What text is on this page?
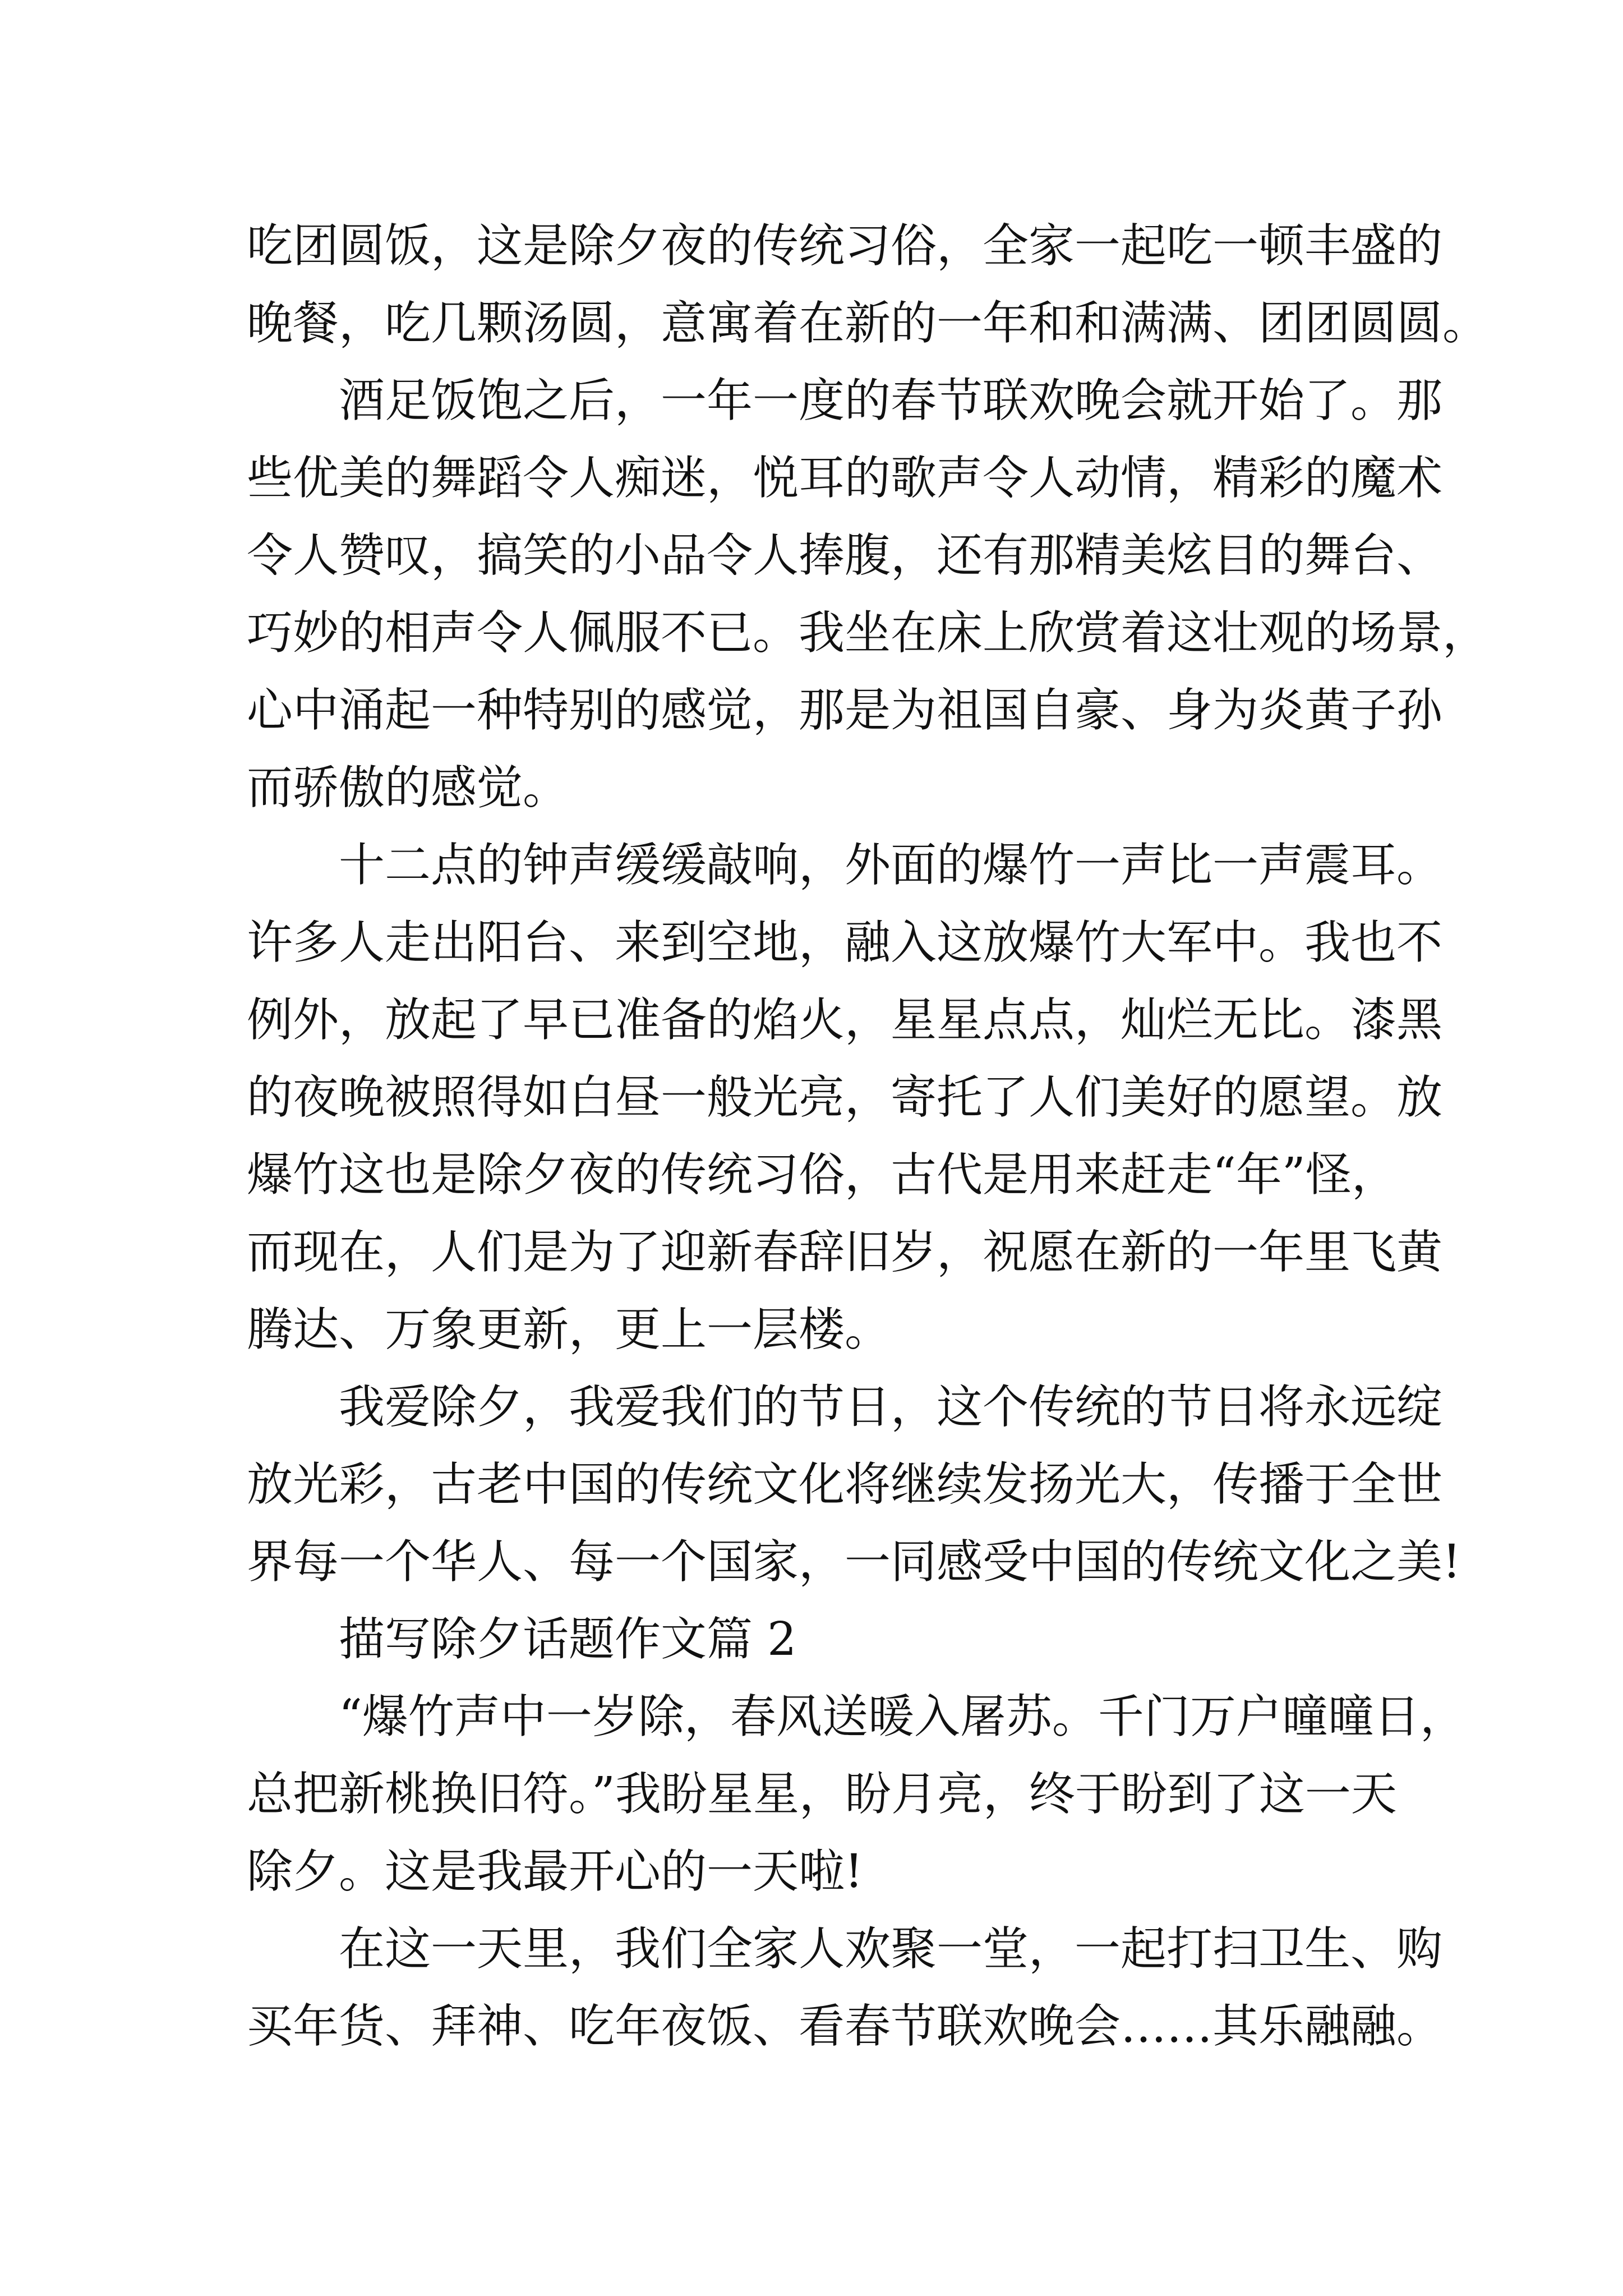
吃团圆饭，这是除夕夜的传统习俗，全家一起吃一顿丰盛的
晚餐，吃几颗汤圆，意寓着在新的一年和和满满、团团圆圆。
酒足饭饱之后，一年一度的春节联欢晚会就开始了。那
些优美的舞蹈令人痴迷，悦耳的歌声令人动情，精彩的魔术
令人赞叹，搞笑的小品令人捧腹，还有那精美炫目的舞台、
巧妙的相声令人佩服不已。我坐在床上欣赏着这壮观的场景，
心中涌起一种特别的感觉，那是为祖国自豪、身为炎黄子孙
而骄傲的感觉。
十二点的钟声缓缓敲响，外面的爆竹一声比一声震耳。
许多人走出阳台、来到空地，融入这放爆竹大军中。我也不
例外，放起了早已准备的焰火，星星点点，灿烂无比。漆黑
的夜晚被照得如白昼一般光亮，寄托了人们美好的愿望。放
爆竹这也是除夕夜的传统习俗，古代是用来赶走“年”怪，
而现在，人们是为了迎新春辞旧岁，祝愿在新的一年里飞黄
腾达、万象更新，更上一层楼。
我爱除夕，我爱我们的节日，这个传统的节日将永远绽
放光彩，古老中国的传统文化将继续发扬光大，传播于全世
界每一个华人、每一个国家，一同感受中国的传统文化之美!
描写除夕话题作文篇 2
“爆竹声中一岁除，春风送暖入屠苏。千门万户曈曈日，
总把新桃换旧符。”我盼星星，盼月亮，终于盼到了这一天
除夕。这是我最开心的一天啦!
在这一天里，我们全家人欢聚一堂，一起打扫卫生、购
买年货、拜神、吃年夜饭、看春节联欢晚会……其乐融融。
